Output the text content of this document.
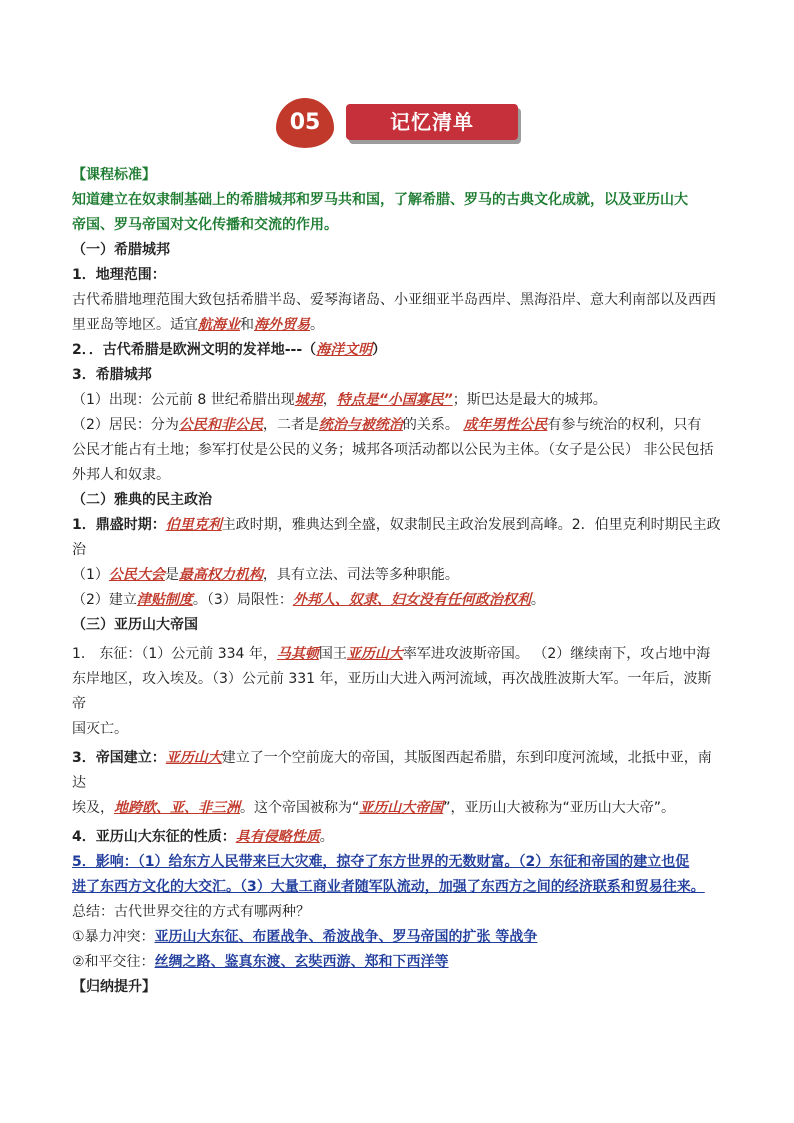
05	记忆清单

【课程标准】

知道建立在奴隶制基础上的希腊城邦和罗马共和国，了解希腊、罗马的古典文化成就，以及亚历山大

帝国、罗马帝国对文化传播和交流的作用。

（一）希腊城邦

1．地理范围：

古代希腊地理范围大致包括希腊半岛、爱琴海诸岛、小亚细亚半岛西岸、黑海沿岸、意大利南部以及西西

里亚岛等地区。适宜航海业和海外贸易。

2．．古代希腊是欧洲文明的发祥地---（海洋文明）

3．希腊城邦

（1）出现：公元前 8 世纪希腊出现城邦，特点是“小国寡民”；斯巴达是最大的城邦。

（2）居民：分为公民和非公民，二者是统治与被统治的关系。 成年男性公民有参与统治的权利，只有

公民才能占有土地；参军打仗是公民的义务；城邦各项活动都以公民为主体。（女子是公民） 非公民包括

外邦人和奴隶。

（二）雅典的民主政治

1．鼎盛时期：伯里克利主政时期，雅典达到全盛，奴隶制民主政治发展到高峰。2．伯里克利时期民主政

治

（1）公民大会是最高权力机构，具有立法、司法等多种职能。

（2）建立津贴制度。（3）局限性：外邦人、奴隶、妇女没有任何政治权利。

（三）亚历山大帝国

1． 东征：（1）公元前 334 年，马其顿国王亚历山大率军进攻波斯帝国。 （2）继续南下，攻占地中海

东岸地区，攻入埃及。（3）公元前 331 年，亚历山大进入两河流域，再次战胜波斯大军。一年后，波斯帝

国灭亡。

3．帝国建立：亚历山大建立了一个空前庞大的帝国，其版图西起希腊，东到印度河流域，北抵中亚，南达

埃及，地跨欧、亚、非三洲。这个帝国被称为“亚历山大帝国”，亚历山大被称为“亚历山大大帝”。

4．亚历山大东征的性质：具有侵略性质。

5．影响：（1）给东方人民带来巨大灾难，掠夺了东方世界的无数财富。（2）东征和帝国的建立也促

进了东西方文化的大交汇。（3）大量工商业者随军队流动，加强了东西方之间的经济联系和贸易往来。

总结：古代世界交往的方式有哪两种？

①暴力冲突：亚历山大东征、布匿战争、希波战争、罗马帝国的扩张 等战争

②和平交往：丝绸之路、鉴真东渡、玄奘西游、郑和下西洋等

【归纳提升】
